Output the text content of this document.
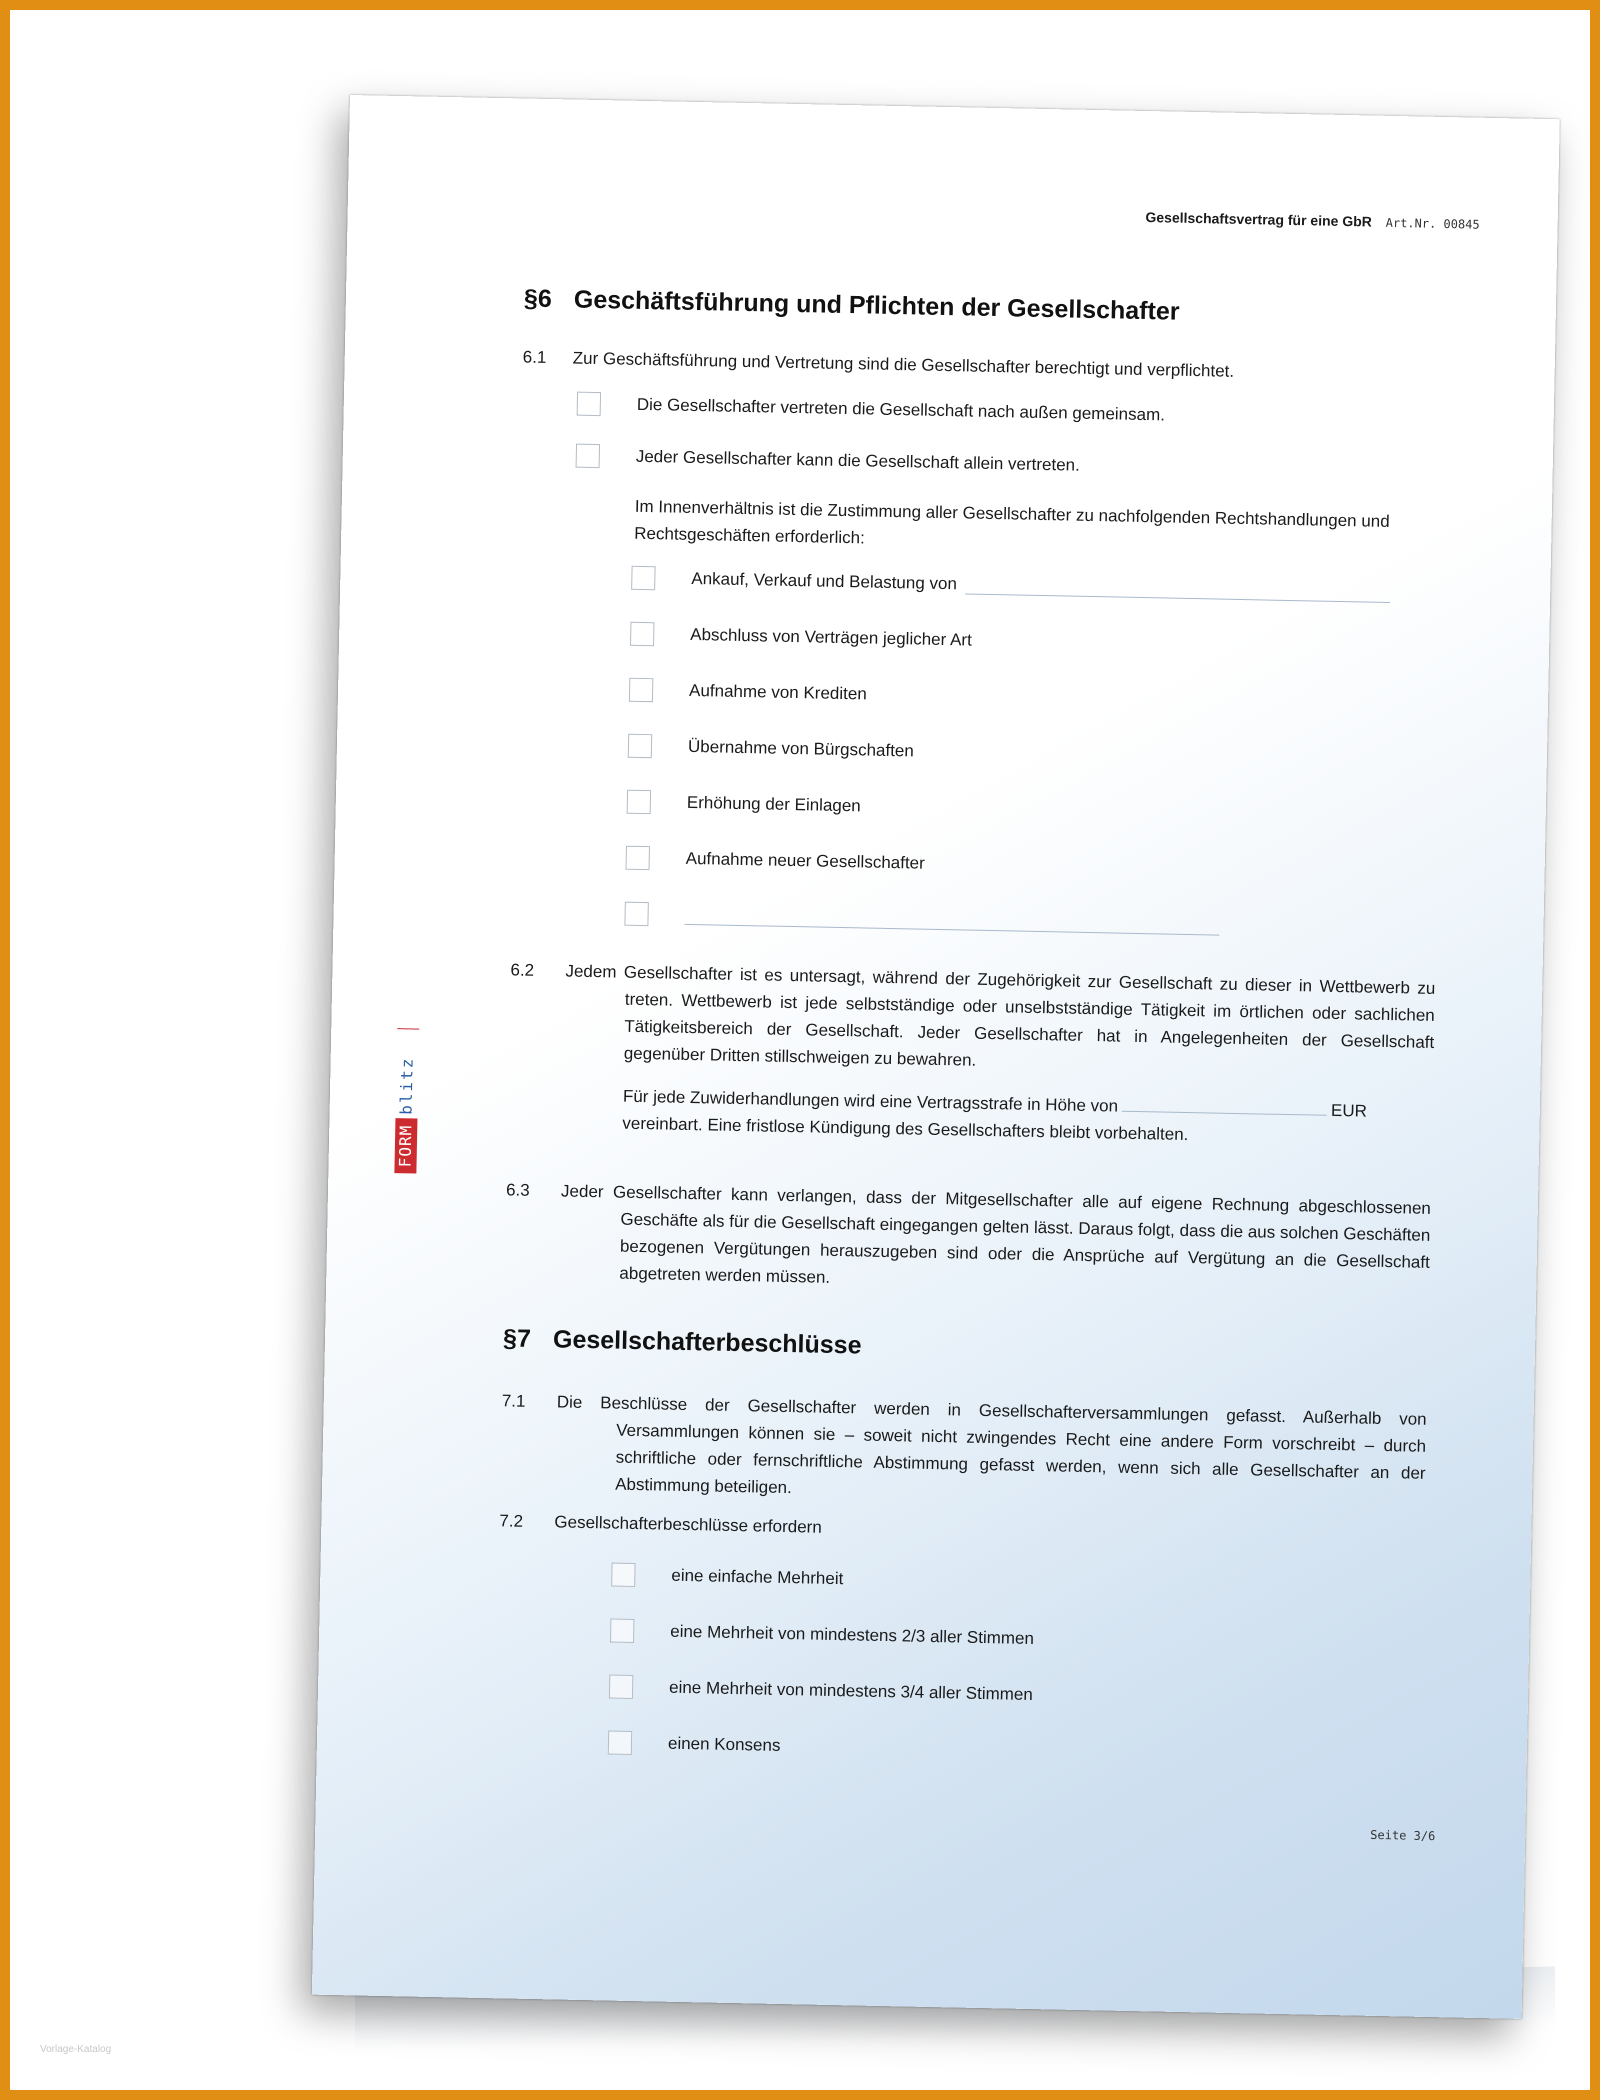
Gesellschaftsvertrag für eine GbR Art.Nr. 00845
FORM
blitz
§6 Geschäftsführung und Pflichten der Gesellschafter
6.1 Zur Geschäftsführung und Vertretung sind die Gesellschafter berechtigt und verpflichtet.
Die Gesellschafter vertreten die Gesellschaft nach außen gemeinsam.
Jeder Gesellschafter kann die Gesellschaft allein vertreten.
Im Innenverhältnis ist die Zustimmung aller Gesellschafter zu nachfolgenden Rechtshandlungen und Rechtsgeschäften erforderlich:
Ankauf, Verkauf und Belastung von
Abschluss von Verträgen jeglicher Art
Aufnahme von Krediten
Übernahme von Bürgschaften
Erhöhung der Einlagen
Aufnahme neuer Gesellschafter
6.2 Jedem Gesellschafter ist es untersagt, während der Zugehörigkeit zur Gesellschaft zu dieser in Wettbewerb zu treten. Wettbewerb ist jede selbstständige oder unselbstständige Tätigkeit im örtlichen oder sachlichen Tätigkeitsbereich der Gesellschaft. Jeder Gesellschafter hat in Angelegenheiten der Gesellschaft gegenüber Dritten stillschweigen zu bewahren.
Für jede Zuwiderhandlungen wird eine Vertragsstrafe in Höhe von	EUR vereinbart. Eine fristlose Kündigung des Gesellschafters bleibt vorbehalten.
6.3 Jeder Gesellschafter kann verlangen, dass der Mitgesellschafter alle auf eigene Rechnung abgeschlossenen Geschäfte als für die Gesellschaft eingegangen gelten lässt. Daraus folgt, dass die aus solchen Geschäften bezogenen Vergütungen herauszugeben sind oder die Ansprüche auf Vergütung an die Gesellschaft abgetreten werden müssen.
§7 Gesellschafterbeschlüsse
7.1 Die Beschlüsse der Gesellschafter werden in Gesellschafterversammlungen gefasst. Außerhalb von Versammlungen können sie – soweit nicht zwingendes Recht eine andere Form vorschreibt – durch schriftliche oder fernschriftliche Abstimmung gefasst werden, wenn sich alle Gesellschafter an der Abstimmung beteiligen.
7.2 Gesellschafterbeschlüsse erfordern
eine einfache Mehrheit
eine Mehrheit von mindestens 2/3 aller Stimmen
eine Mehrheit von mindestens 3/4 aller Stimmen
einen Konsens
Seite 3/6
Vorlage-Katalog
